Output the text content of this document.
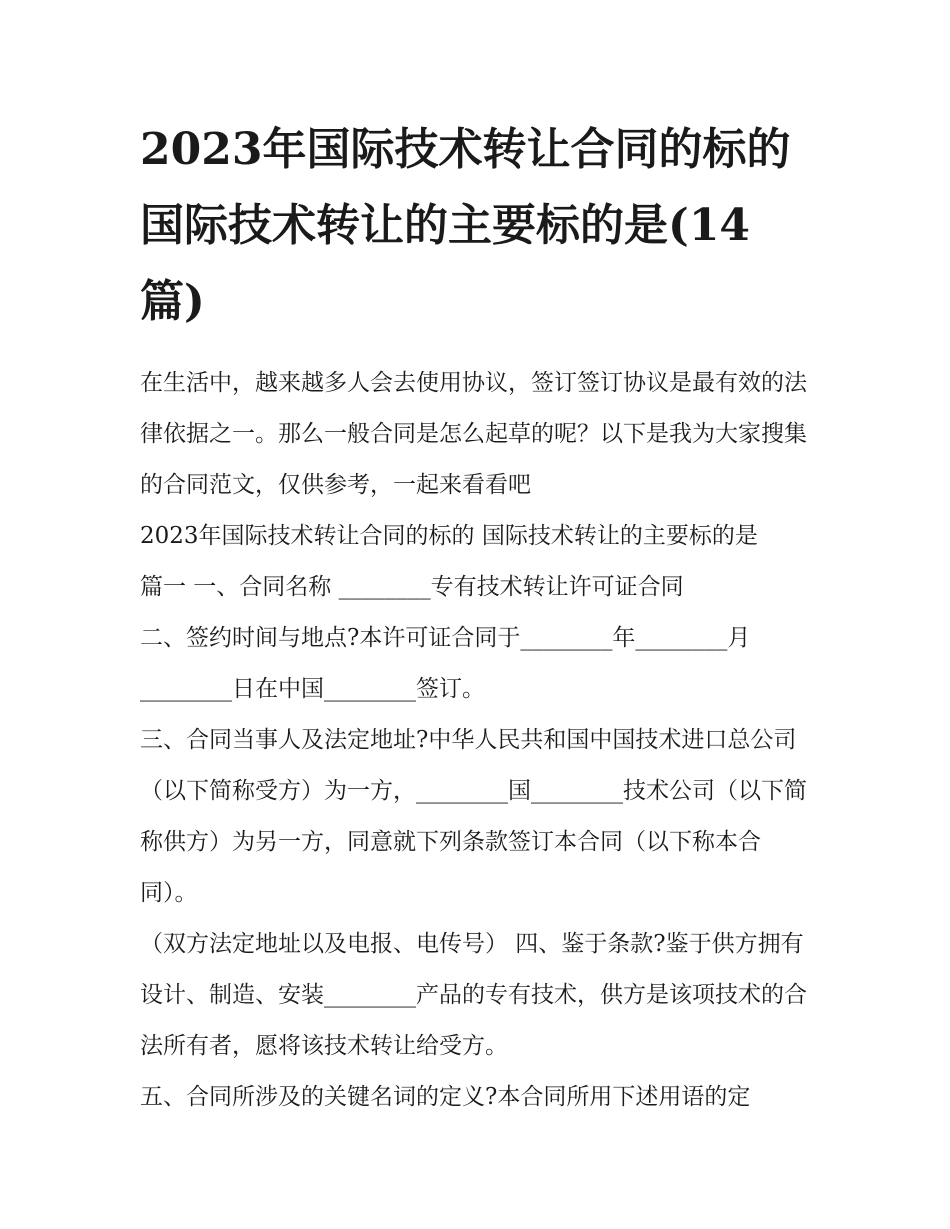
2023年国际技术转让合同的标的 国际技术转让的主要标的是(14篇)

在生活中，越来越多人会去使用协议，签订签订协议是最有效的法律依据之一。那么一般合同是怎么起草的呢？以下是我为大家搜集的合同范文，仅供参考，一起来看看吧

2023年国际技术转让合同的标的 国际技术转让的主要标的是

篇一 一、合同名称 ________专有技术转让许可证合同

二、签约时间与地点?本许可证合同于________年________月________日在中国________签订。

三、合同当事人及法定地址?中华人民共和国中国技术进口总公司（以下简称受方）为一方，________国________技术公司（以下简称供方）为另一方，同意就下列条款签订本合同（以下称本合同）。

（双方法定地址以及电报、电传号） 四、鉴于条款?鉴于供方拥有设计、制造、安装________产品的专有技术，供方是该项技术的合法所有者，愿将该技术转让给受方。

五、合同所涉及的关键名词的定义?本合同所用下述用语的定
